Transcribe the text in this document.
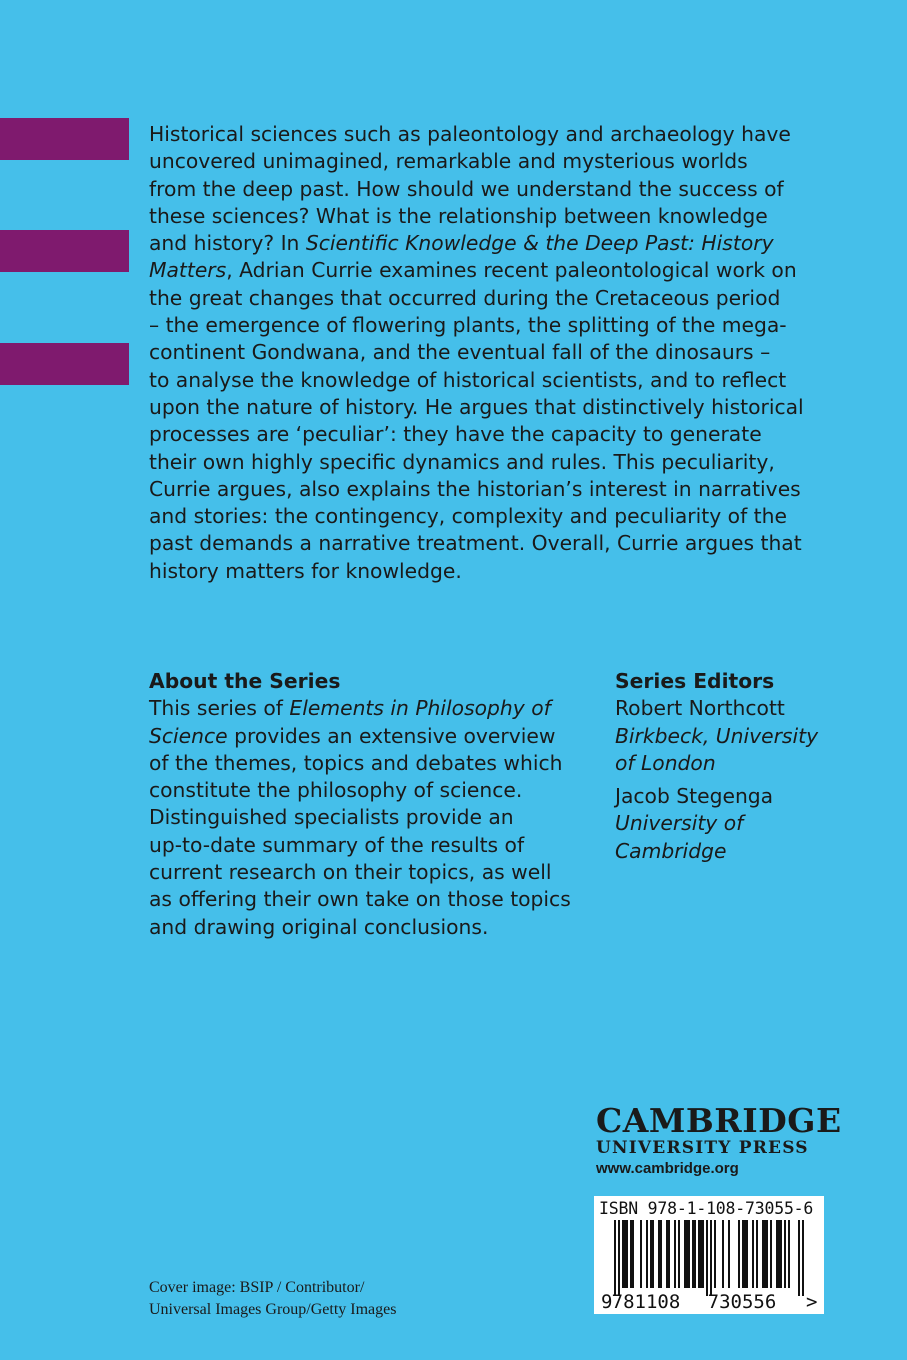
Historical sciences such as paleontology and archaeology have
uncovered unimagined, remarkable and mysterious worlds
from the deep past. How should we understand the success of
these sciences? What is the relationship between knowledge
and history? In Scientific Knowledge & the Deep Past: History
Matters, Adrian Currie examines recent paleontological work on
the great changes that occurred during the Cretaceous period
– the emergence of flowering plants, the splitting of the mega-
continent Gondwana, and the eventual fall of the dinosaurs –
to analyse the knowledge of historical scientists, and to reflect
upon the nature of history. He argues that distinctively historical
processes are ‘peculiar’: they have the capacity to generate
their own highly specific dynamics and rules. This peculiarity,
Currie argues, also explains the historian’s interest in narratives
and stories: the contingency, complexity and peculiarity of the
past demands a narrative treatment. Overall, Currie argues that
history matters for knowledge.
About the Series
This series of Elements in Philosophy of
Science provides an extensive overview
of the themes, topics and debates which
constitute the philosophy of science.
Distinguished specialists provide an
up-to-date summary of the results of
current research on their topics, as well
as offering their own take on those topics
and drawing original conclusions.
Series Editors
Robert Northcott
Birkbeck, University
of London
Jacob Stegenga
University of
Cambridge
CAMBRIDGE
UNIVERSITY PRESS
www.cambridge.org
9 781108 730556 >
ISBN 978-1-108-73055-6
Cover image: BSIP / Contributor/
Universal Images Group/Getty Images
